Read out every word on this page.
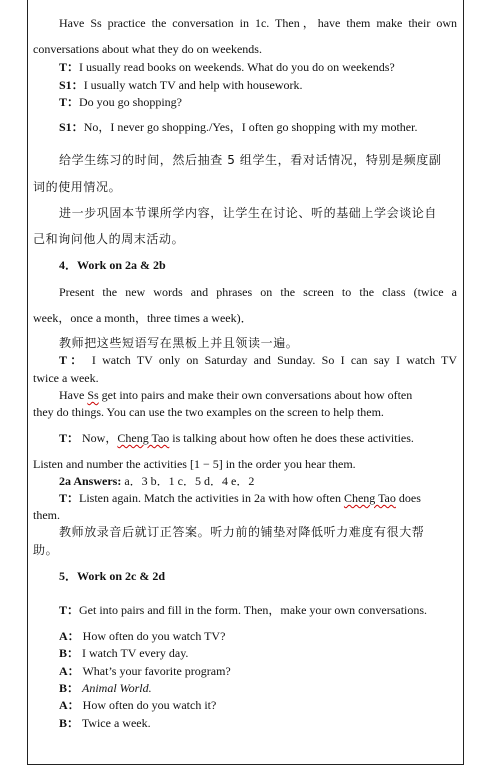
Have Ss practice the conversation in 1c. Then，have them make their own
conversations about what they do on weekends.
T：I usually read books on weekends. What do you do on weekends?
S1：I usually watch TV and help with housework.
T：Do you go shopping?
S1：No，I never go shopping./Yes，I often go shopping with my mother.
给学生练习的时间，然后抽查 5 组学生，看对话情况，特别是频度副
词的使用情况。
进一步巩固本节课所学内容，让学生在讨论、听的基础上学会谈论自
己和询问他人的周末活动。
4．Work on 2a & 2b
Present the new words and phrases on the screen to the class (twice a
week，once a month，three times a week)．
教师把这些短语写在黑板上并且领读一遍。
T： I watch TV only on Saturday and Sunday. So I can say I watch TV
twice a week.
Have Ss get into pairs and make their own conversations about how often
they do things. You can use the two examples on the screen to help them.
T： Now，Cheng Tao is talking about how often he does these activities.
Listen and number the activities [1 − 5] in the order you hear them.
2a Answers: a．3 b．1 c．5 d．4 e．2
T：Listen again. Match the activities in 2a with how often Cheng Tao does
them.
教师放录音后就订正答案。听力前的铺垫对降低听力难度有很大帮
助。
5．Work on 2c & 2d
T：Get into pairs and fill in the form. Then，make your own conversations.
A： How often do you watch TV?
B： I watch TV every day.
A： What’s your favorite program?
B： Animal World.
A： How often do you watch it?
B： Twice a week.
